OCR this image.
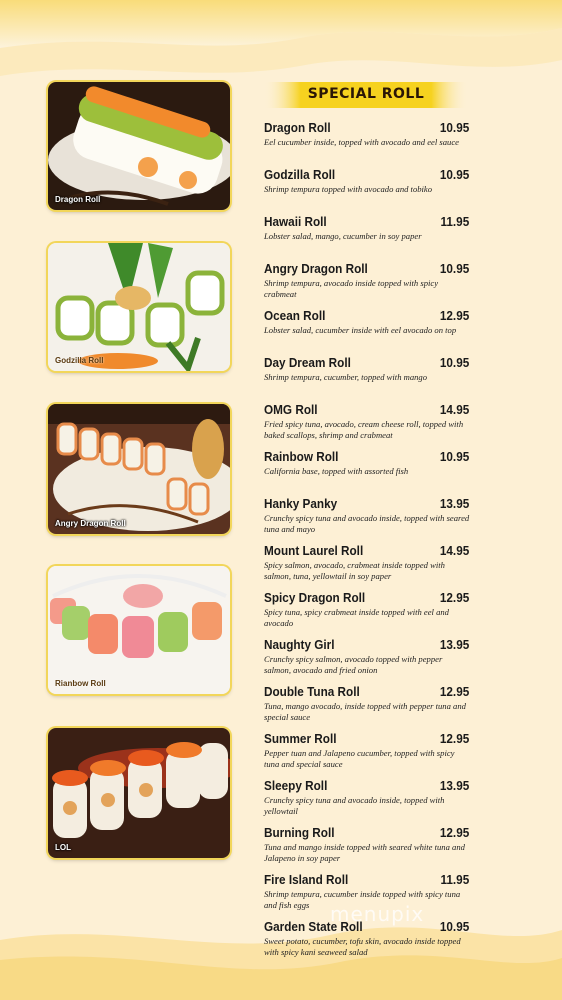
Dragon Roll
Godzilla Roll
Angry Dragon Roll
Rianbow Roll
LOL
SPECIAL ROLL
Dragon Roll	10.95
Eel cucumber inside, topped with avocado and eel sauce
Godzilla Roll	10.95
Shrimp tempura topped with avocado and tobiko
Hawaii Roll	11.95
Lobster salad, mango, cucumber in soy paper
Angry Dragon Roll	10.95
Shrimp tempura, avocado inside topped with spicy crabmeat
Ocean Roll	12.95
Lobster salad, cucumber inside with eel avocado on top
Day Dream Roll	10.95
Shrimp tempura, cucumber, topped with mango
OMG Roll	14.95
Fried spicy tuna, avocado, cream cheese roll, topped with baked scallops, shrimp and crabmeat
Rainbow Roll	10.95
California base, topped with assorted fish
Hanky Panky	13.95
Crunchy spicy tuna and avocado inside, topped with seared tuna and mayo
Mount Laurel Roll	14.95
Spicy salmon, avocado, crabmeat inside topped with salmon, tuna, yellowtail in soy paper
Spicy Dragon Roll	12.95
Spicy tuna, spicy crabmeat inside topped with eel and avocado
Naughty Girl	13.95
Crunchy spicy salmon, avocado topped with pepper salmon, avocado and fried onion
Double Tuna Roll	12.95
Tuna, mango avocado, inside topped with pepper tuna and special sauce
Summer Roll	12.95
Pepper tuan and Jalapeno cucumber, topped with spicy tuna and special sauce
Sleepy Roll	13.95
Crunchy spicy tuna and avocado inside, topped with yellowtail
Burning Roll	12.95
Tuna and mango inside topped with seared white tuna and Jalapeno in soy paper
Fire Island Roll	11.95
Shrimp tempura, cucumber inside topped with spicy tuna and fish eggs
Garden State Roll	10.95
Sweet potato, cucumber, tofu skin, avocado inside topped with spicy kani seaweed salad
menupix
